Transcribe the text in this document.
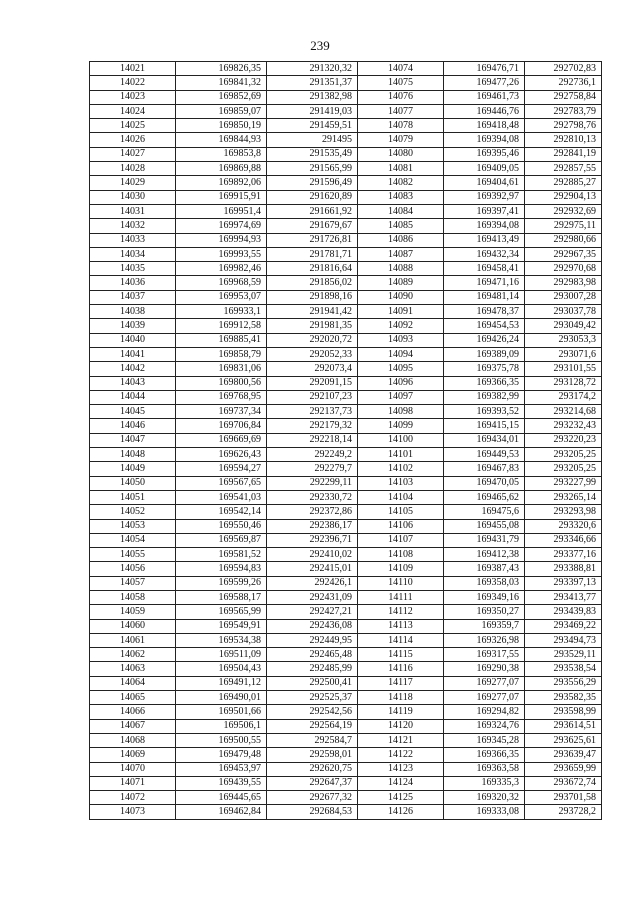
239
14021	169826,35	291320,32	14074	169476,71	292702,83
14022	169841,32	291351,37	14075	169477,26	292736,1
14023	169852,69	291382,98	14076	169461,73	292758,84
14024	169859,07	291419,03	14077	169446,76	292783,79
14025	169850,19	291459,51	14078	169418,48	292798,76
14026	169844,93	291495	14079	169394,08	292810,13
14027	169853,8	291535,49	14080	169395,46	292841,19
14028	169869,88	291565,99	14081	169409,05	292857,55
14029	169892,06	291596,49	14082	169404,61	292885,27
14030	169915,91	291620,89	14083	169392,97	292904,13
14031	169951,4	291661,92	14084	169397,41	292932,69
14032	169974,69	291679,67	14085	169394,08	292975,11
14033	169994,93	291726,81	14086	169413,49	292980,66
14034	169993,55	291781,71	14087	169432,34	292967,35
14035	169982,46	291816,64	14088	169458,41	292970,68
14036	169968,59	291856,02	14089	169471,16	292983,98
14037	169953,07	291898,16	14090	169481,14	293007,28
14038	169933,1	291941,42	14091	169478,37	293037,78
14039	169912,58	291981,35	14092	169454,53	293049,42
14040	169885,41	292020,72	14093	169426,24	293053,3
14041	169858,79	292052,33	14094	169389,09	293071,6
14042	169831,06	292073,4	14095	169375,78	293101,55
14043	169800,56	292091,15	14096	169366,35	293128,72
14044	169768,95	292107,23	14097	169382,99	293174,2
14045	169737,34	292137,73	14098	169393,52	293214,68
14046	169706,84	292179,32	14099	169415,15	293232,43
14047	169669,69	292218,14	14100	169434,01	293220,23
14048	169626,43	292249,2	14101	169449,53	293205,25
14049	169594,27	292279,7	14102	169467,83	293205,25
14050	169567,65	292299,11	14103	169470,05	293227,99
14051	169541,03	292330,72	14104	169465,62	293265,14
14052	169542,14	292372,86	14105	169475,6	293293,98
14053	169550,46	292386,17	14106	169455,08	293320,6
14054	169569,87	292396,71	14107	169431,79	293346,66
14055	169581,52	292410,02	14108	169412,38	293377,16
14056	169594,83	292415,01	14109	169387,43	293388,81
14057	169599,26	292426,1	14110	169358,03	293397,13
14058	169588,17	292431,09	14111	169349,16	293413,77
14059	169565,99	292427,21	14112	169350,27	293439,83
14060	169549,91	292436,08	14113	169359,7	293469,22
14061	169534,38	292449,95	14114	169326,98	293494,73
14062	169511,09	292465,48	14115	169317,55	293529,11
14063	169504,43	292485,99	14116	169290,38	293538,54
14064	169491,12	292500,41	14117	169277,07	293556,29
14065	169490,01	292525,37	14118	169277,07	293582,35
14066	169501,66	292542,56	14119	169294,82	293598,99
14067	169506,1	292564,19	14120	169324,76	293614,51
14068	169500,55	292584,7	14121	169345,28	293625,61
14069	169479,48	292598,01	14122	169366,35	293639,47
14070	169453,97	292620,75	14123	169363,58	293659,99
14071	169439,55	292647,37	14124	169335,3	293672,74
14072	169445,65	292677,32	14125	169320,32	293701,58
14073	169462,84	292684,53	14126	169333,08	293728,2
